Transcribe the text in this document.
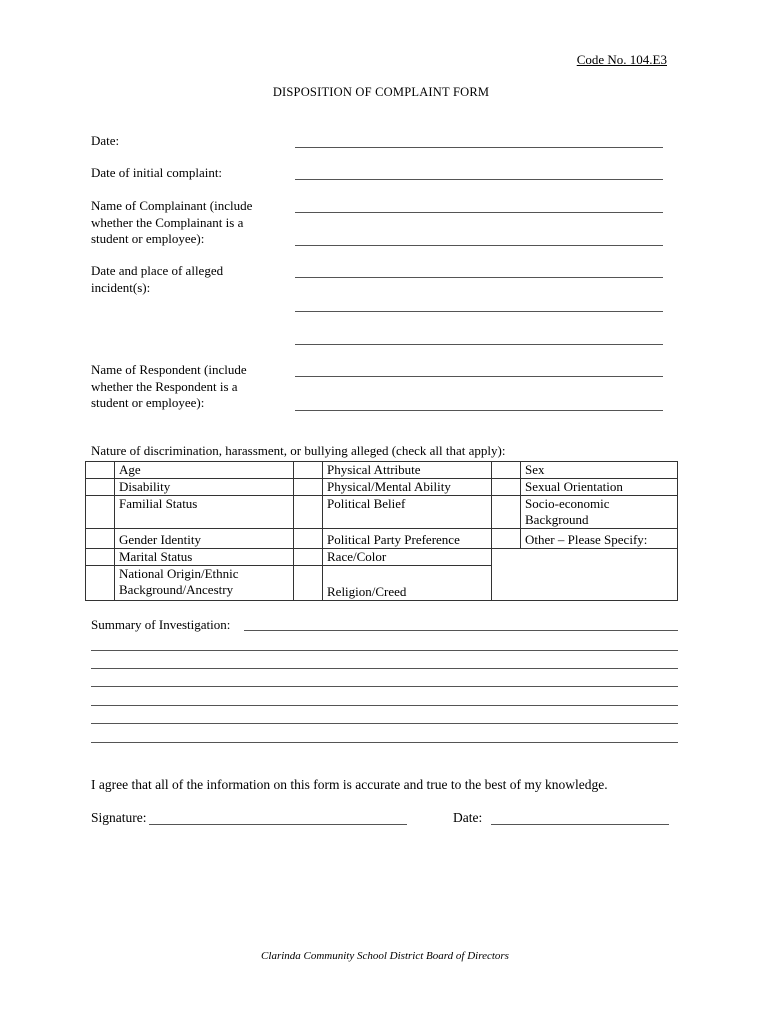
Code No. 104.E3
DISPOSITION OF COMPLAINT FORM
Date:
Date of initial complaint:
Name of Complainant (include whether the Complainant is a student or employee):
Date and place of alleged incident(s):
Name of Respondent (include whether the Respondent is a student or employee):
Nature of discrimination, harassment, or bullying alleged (check all that apply):
	Age		Physical Attribute		Sex
	Disability		Physical/Mental Ability		Sexual Orientation
	Familial Status		Political Belief		Socio-economic Background
	Gender Identity		Political Party Preference		Other – Please Specify:
	Marital Status		Race/Color		
	National Origin/Ethnic Background/Ancestry		Religion/Creed		
Summary of Investigation:
I agree that all of the information on this form is accurate and true to the best of my knowledge.
Signature:	Date:
Clarinda Community School District Board of Directors
